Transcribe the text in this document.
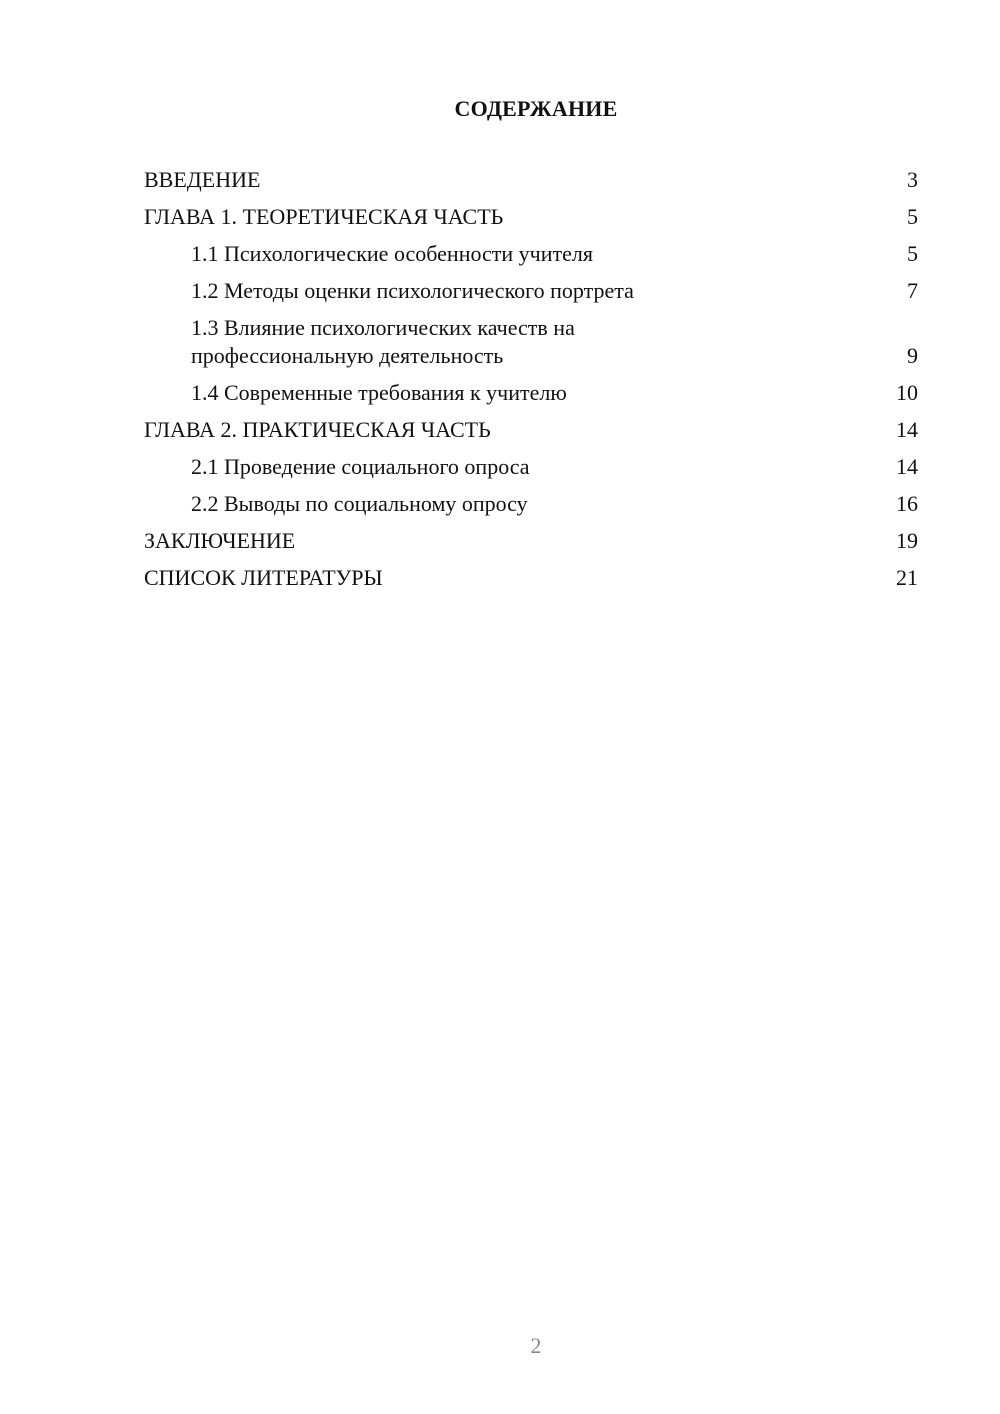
СОДЕРЖАНИЕ
ВВЕДЕНИЕ	3
ГЛАВА 1. ТЕОРЕТИЧЕСКАЯ ЧАСТЬ	5
1.1 Психологические особенности учителя	5
1.2 Методы оценки психологического портрета	7
1.3 Влияние психологических качеств на профессиональную деятельность	9
1.4 Современные требования к учителю	10
ГЛАВА 2. ПРАКТИЧЕСКАЯ ЧАСТЬ	14
2.1 Проведение социального опроса	14
2.2 Выводы по социальному опросу	16
ЗАКЛЮЧЕНИЕ	19
СПИСОК ЛИТЕРАТУРЫ	21
2
